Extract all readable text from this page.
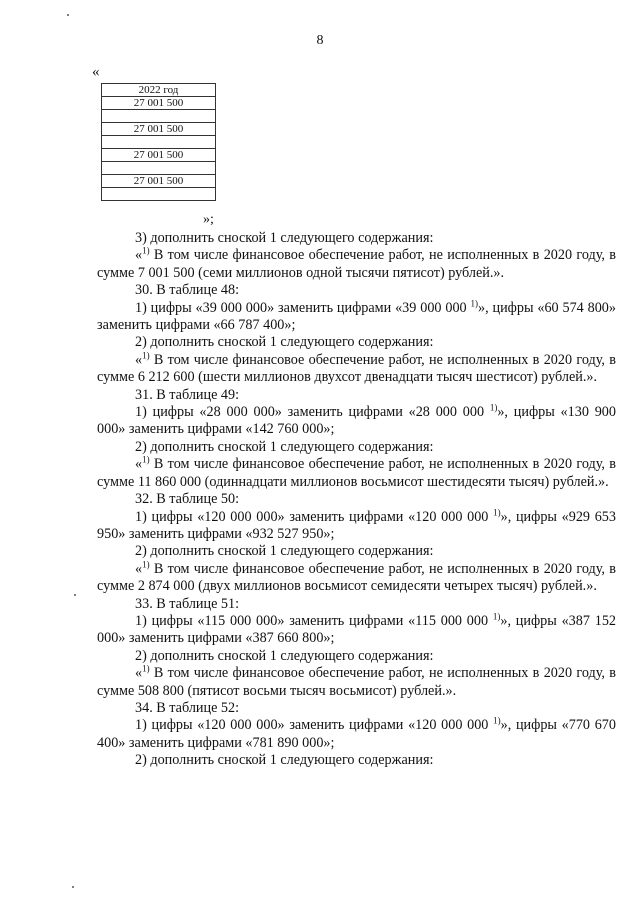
8
«
2022 год
27 001 500

27 001 500

27 001 500

27 001 500

»;

3) дополнить сноской 1 следующего содержания:

«$^{1)}$ В том числе финансовое обеспечение работ, не исполненных в 2020 году, в сумме 7 001 500 (семи миллионов одной тысячи пятисот) рублей.».

30. В таблице 48:

1) цифры «39 000 000» заменить цифрами «39 000 000 $^{1)}$», цифры «60 574 800» заменить цифрами «66 787 400»;

2) дополнить сноской 1 следующего содержания:

«$^{1)}$ В том числе финансовое обеспечение работ, не исполненных в 2020 году, в сумме 6 212 600 (шести миллионов двухсот двенадцати тысяч шестисот) рублей.».

31. В таблице 49:

1) цифры «28 000 000» заменить цифрами «28 000 000 $^{1)}$», цифры «130 900 000» заменить цифрами «142 760 000»;

2) дополнить сноской 1 следующего содержания:

«$^{1)}$ В том числе финансовое обеспечение работ, не исполненных в 2020 году, в сумме 11 860 000 (одиннадцати миллионов восьмисот шестидесяти тысяч) рублей.».

32. В таблице 50:

1) цифры «120 000 000» заменить цифрами «120 000 000 $^{1)}$», цифры «929 653 950» заменить цифрами «932 527 950»;

2) дополнить сноской 1 следующего содержания:

«$^{1)}$ В том числе финансовое обеспечение работ, не исполненных в 2020 году, в сумме 2 874 000 (двух миллионов восьмисот семидесяти четырех тысяч) рублей.».

33. В таблице 51:

1) цифры «115 000 000» заменить цифрами «115 000 000 $^{1)}$», цифры «387 152 000» заменить цифрами «387 660 800»;

2) дополнить сноской 1 следующего содержания:

«$^{1)}$ В том числе финансовое обеспечение работ, не исполненных в 2020 году, в сумме 508 800 (пятисот восьми тысяч восьмисот) рублей.».

34. В таблице 52:

1) цифры «120 000 000» заменить цифрами «120 000 000 $^{1)}$», цифры «770 670 400» заменить цифрами «781 890 000»;

2) дополнить сноской 1 следующего содержания:
